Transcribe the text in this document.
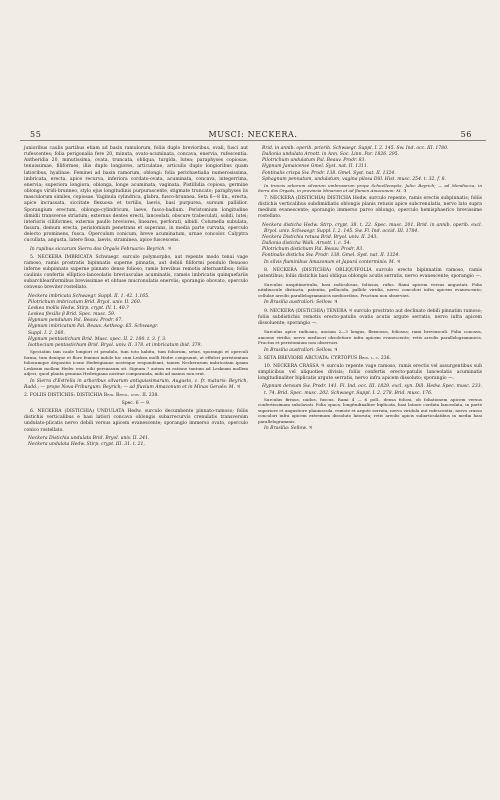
55	MUSCI: NECKERA.	56

junioribus caulis partibus etiam ad basin ramulorum, foliis duplo brevioribus, ovali, fusci aut rufescentes; folia perigonalia fere 20, minuta, ovato-acuminata, concava, enervia, rufescentia. Antheridia 20, minutissima, ovata, truncata, obliqua, turgida, lutea; paraphyses copiosae, tenuissimae, filiformes, illis duplo longiores, articulatae, articulis duplo longioribus quam latioribus, hyalinae. Feminei ad basin ramorum, oblongi: folia perichaetialia numerosissima, imbricata, erecta, apice recurva, inferiora cordato-ovata, acuminata, concava, integerrima, enervia; superiora longiora, oblonga, longe acuminata, vaginata. Pistillidia copiosa, germine oblongo viridi-brunneo, stylo ejus longitudinis purpurascente, stigmate truncato; paraphyses iis masculorum similes, copiosae. Vaginula cylindrica, glabra, fusco-brunnea. Seta 6—8 lin., erecta, apice incrassata, siccitate flexuosa et tortilis, laevis, basi purpurea, sursum pallidior. Sporangium erectum, oblongo-cylindricum, laeve, fusco-badium. Peristomium longitudine dimidii transverse striatum; externus dentes erecti, lanceolati, obscure trabeculati, solidi, lutei; interioris ciliiformes, externis paullo breviores, lineares, perforati, albidi. Columella subulata, fissura, demum erecta, peristomium penetrans et superans, in media parte curvata, operculo delecto prominens, fusca. Operculum conicum, breve acuminatum, urnae concolor. Calyptra cucullata, angusta, latere fissa, laevis, straminea, apice fuscescens.

In rupibus siccarum Sierra dos Orgaôs Februario: Beyrich. ♃

5. NECKERA IMBRICATA Schwaegr. surculo polymorpho, aut repente modo tenui vage ramoso, ramis prostratis bipinnatis superne pinnatis, aut debili filiformi pendulo flexuoso inferne subpinnato superne pinnato denso folioso, ramis brevibus remotis alternantibus; foliis caulinis confertis elliptico-lanceolatis breviusculae acuminatis, rameis imbricatis quinquefariis subarchleariformibus brevissimae et obtuse mucronulatis enerviis; sporangio obovato, operculo convexo breviter rostellato.

Neckera imbricata Schwaegr. Suppl. II. 1. 42. 1.165.

Pilotrichum imbricatum Brid. Bryol. univ. II. 260.

Leskea mollis Hedw. Stirp. crypt. IV. 1. 40.?

Leskea flexilis β Brid. Spec. musc. 59.

Hypnum pendulum Pal. Beauv. Prodr. 67.

Hypnum imbricatum Pal. Beauv. Aetheog. 65. Schwaegr.

Suppl. I. 2. 260.

Hypnum pentastichum Brid. Musc. spec. II. 2. 100. t. 3. f. 3.

Isothecium pentastichum Brid. Bryol. univ. II. 378. et imbricatum ibid. 379.

Speciatim tam caule longiori et pendulo, tum toto habitu, tum foliorum, setae, sporangii et operculi forma, tum denique et flore feminei indole hic cum Leskea molli Hedw. congruunt, ut effulcri peristomium folioramque dispositio icone Hedwigianae nostrique respondeant, tamen Neckerarum imbricatam ipsam Leskeam mollem Hedw. esse nihi persuasum sit. Signum ? autem ex ratione tantum ad Leskeam mollem adjeci, quod planta genuina Hedwigiana nostrae comparanda, mihi ad manus non erat.

In Sierra d'Estrella in arboribus silvarum antiquissimarum, Augusto, c. fr. maturis: Beyrich, Radd.; — prope Nova-Friburgum: Beyrich; — ad fluvium Amazonum et in Minas Geraës: M. ♃

2. FOLIIS DISTICHIS: DISTICHIA Brid. Bryol. univ. II. 238.

Spec. 6 — 9.

6. NECKERA (DISTICHIA) UNDULATA Hedw. surculo decumbente pinnato-ramoso; foliis distichis verticalibus e basi latiori concava oblongis subarrecurvis crenulatis transversim undulato-plicatis nervo debili versus apicem evanescente; sporangio immerso ovato, operculo conico rostellato.

Neckera Distichia undulata Brid. Bryol. univ. II. 241.

Neckera undulata Hedw. Stirp. crypt. III. 31. t. 21,

Brid. in annib. operib. priorib. Schwaegr. Suppl. I. 2. 145. Sw. Ind. occ. III. 1780.

Dallonia undulata Arnott. in Ann. Soc. Linn. Par. 1826. 295.

Pilotrichum undulatum Pal. Beauv. Prodr. 83.

Hypnum Jamaicense Gmel. Syst. nat. II. 1311.

Fontinalis crispa Sw. Prodr. 138. Gmel. Syst. nat. II. 1324.

Sphagnum pennatum, undulatum, vagina pilosa Dill. Hist. musc. 254. t. 32. f. 8.

In truncis arborum silvarum umbrosarum prope Schnellenspitz, Julio: Beyrich; — ad Mendiocca, in Serra dos Orgaôs, in provincia Minarum et ad flumen Amazonum: M. ♃

7. NECKERA (DISTICHIA) DISTICHA Hedw. surculo repente, ramis erectis subpinnatis; foliis distichis verticalibus subdimidiatis oblongis planis retusis apice subcrenulatis, nervo lato supra medium evanescente; sporangio immerso parvo oblongo, operculo hemisphaerico brevissime rostellato.

Neckera disticha Hedw. Stirp. crypt. 38. t. 22. Spec. musc. 201. Brid. in annib. operib. excl. Bryol. univ. Schwaegr. Suppl. I. 2. 145. Sw. Fl. Ind. occid. III. 1784.

Neckera Distichia retusa Brid. Bryol. univ. II. 243.

Dallonia disticha Walk. Arnott. l. c. 54.

Pilotrichum distichum Pal. Beauv. Prodr. 83.

Fontinalis disticha Sw. Prodr. 138. Gmel. Syst. nat. II. 1324.

In silvis fluminibus Amazonum et Japurá conterminis: M. ♃

8. NECKERA (DISTICHIA) OBLIQUIFOLIA surculo erecto bipinnatim ramoso, ramis patentibus; foliis distichis basi obliqua oblongis acutis serratis, nervo evanescente; sporangio —.

Surculus unspitimetralis, basi radiculosus, foliosus, rufus. Rami apicem versus angustati. Folia nitidiuscule distincta, patentia, pellucida, pallide viridia, nervo concolori infra apicem evanescente; cellulae areolis parallelogrammicis mediocribus. Fructum non observavi.

In Brasilia australiori: Sellow. ♃

9. NECKERA (DISTICHIA) TENERA ♃ surculo prostrato aut declinato debili pinnatim ramoso; foliis subdistichis remotis erecto-patulis ovatis acutis argute serratis, nervo infra apicem dissoluente; sporangio —.

Surculus apice radicans, unciam 2—3 longus, flexuosus, foliosus; rami breviusculi. Folia concava, amoene viridia; nervo mediocri obsoletiore infra apicem evanescente; retis areolis parallelogrammicis. Fructus et peristomium non observavi.

In Brasilia australiori: Sellow. ♃

3. SETA BREVIORE ARCUATA: CYRTOPUS Brid. l. c. 236.

10. NECKERA CRASSA ♃ surculo repente vage ramoso, ramis erectis vel assurgentibus sub simplicibus vel aliquoties divisis; foliis confertis erecto-patulis lanceolatis acuminatis longitudinaliter biplicatis argute serratis, nervo infra apicem dissoluto; sporangio —.

Hypnum densum Sw. Prodr. 141. Fl. Ind. occ. III. 1829. excl. syn. Dill. Hedw. Spec. musc. 233. t. 74. Brid. Spec. musc. 202. Schwaegr. Suppl. I. 2. 278. Brid. musc. 176.

Surculus firmus, nudus, fuscus. Rami 4 — 6 poll., densa foliosi, ob foliationem apicem versus confertissimam subclavati. Folia opaca, longitudinaliter biplicata, basi latiore cordata lanceolata, in parte superiore et angustiore planiuscula, remote et argute serrata, nervo viridula aut rufescentia; nervo crasso concolori infra apicem extremum dissoluto latoruta; retis areolis apicis subarticulatibus in media basi parallelogrammis.

In Brasilia: Sellow. ♃
